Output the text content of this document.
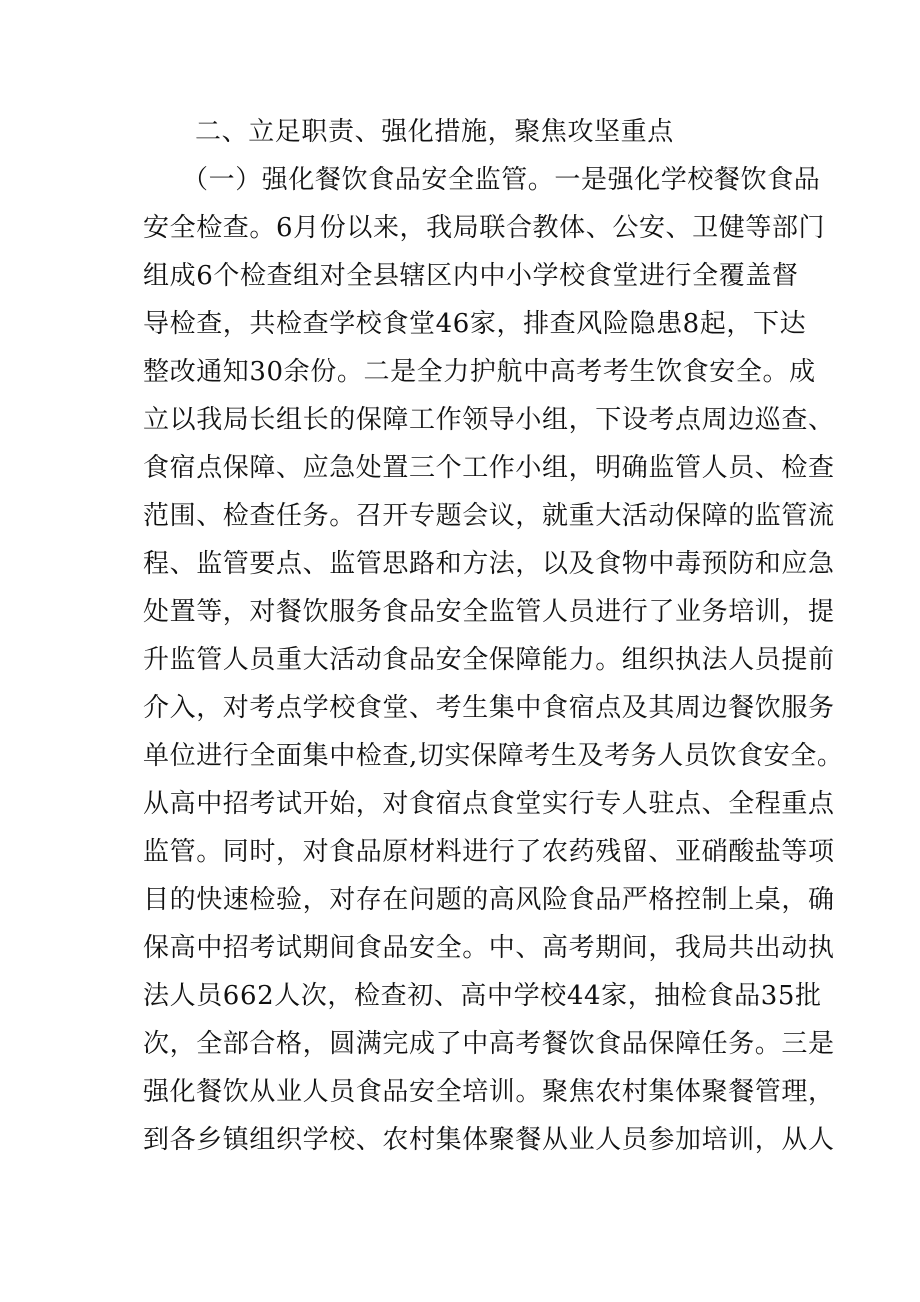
二、立足职责、强化措施，聚焦攻坚重点
（一）强化餐饮食品安全监管。一是强化学校餐饮食品
安全检查。6月份以来，我局联合教体、公安、卫健等部门
组成6个检查组对全县辖区内中小学校食堂进行全覆盖督
导检查，共检查学校食堂46家，排查风险隐患8起，下达
整改通知30余份。二是全力护航中高考考生饮食安全。成
立以我局长组长的保障工作领导小组，下设考点周边巡查、
食宿点保障、应急处置三个工作小组，明确监管人员、检查
范围、检查任务。召开专题会议，就重大活动保障的监管流
程、监管要点、监管思路和方法，以及食物中毒预防和应急
处置等，对餐饮服务食品安全监管人员进行了业务培训，提
升监管人员重大活动食品安全保障能力。组织执法人员提前
介入，对考点学校食堂、考生集中食宿点及其周边餐饮服务
单位进行全面集中检查,切实保障考生及考务人员饮食安全。
从高中招考试开始，对食宿点食堂实行专人驻点、全程重点
监管。同时，对食品原材料进行了农药残留、亚硝酸盐等项
目的快速检验，对存在问题的高风险食品严格控制上桌，确
保高中招考试期间食品安全。中、高考期间，我局共出动执
法人员662人次，检查初、高中学校44家，抽检食品35批
次，全部合格，圆满完成了中高考餐饮食品保障任务。三是
强化餐饮从业人员食品安全培训。聚焦农村集体聚餐管理，
到各乡镇组织学校、农村集体聚餐从业人员参加培训，从人
